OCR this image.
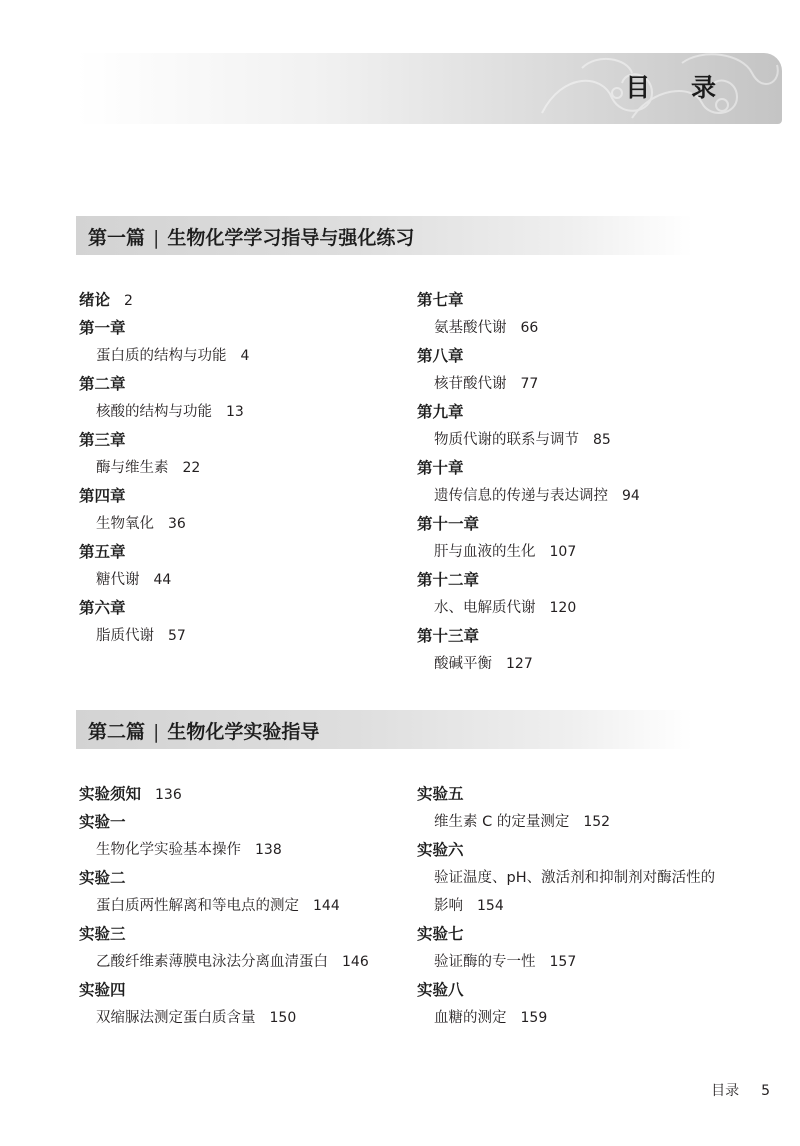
目 录
第一篇 | 生物化学学习指导与强化练习
绪论 2
第一章
蛋白质的结构与功能 4
第二章
核酸的结构与功能 13
第三章
酶与维生素 22
第四章
生物氧化 36
第五章
糖代谢 44
第六章
脂质代谢 57
第七章
氨基酸代谢 66
第八章
核苷酸代谢 77
第九章
物质代谢的联系与调节 85
第十章
遗传信息的传递与表达调控 94
第十一章
肝与血液的生化 107
第十二章
水、电解质代谢 120
第十三章
酸碱平衡 127
第二篇 | 生物化学实验指导
实验须知 136
实验一
生物化学实验基本操作 138
实验二
蛋白质两性解离和等电点的测定 144
实验三
乙酸纤维素薄膜电泳法分离血清蛋白 146
实验四
双缩脲法测定蛋白质含量 150
实验五
维生素 C 的定量测定 152
实验六
验证温度、pH、激活剂和抑制剂对酶活性的
影响 154
实验七
验证酶的专一性 157
实验八
血糖的测定 159
目录 5
